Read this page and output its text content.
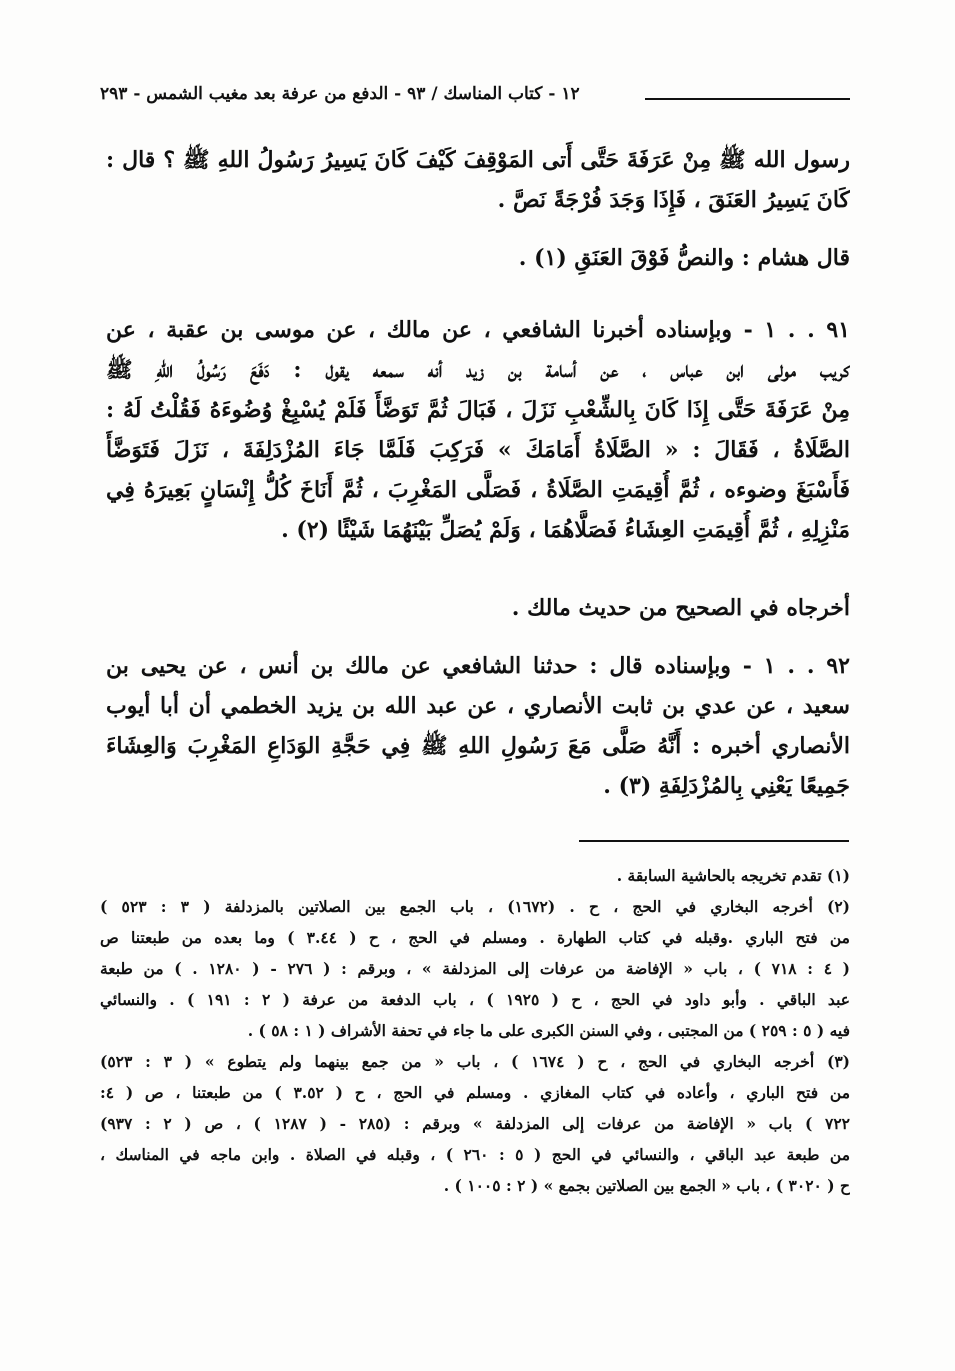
١٢ - كتاب المناسك / ٩٣ - الدفع من عرفة بعد مغيب الشمس - ٢٩٣
رسول الله ﷺ مِنْ عَرَفَةَ حَتَّى أَتى المَوْقِفَ كَيْفَ كَانَ يَسِيرُ رَسُولُ اللهِ ﷺ ؟ قال :
كَانَ يَسِيرُ العَنَقَ ، فَإِذَا وَجَدَ فُرْجَةً نَصَّ .
قال هشام : والنصُّ فَوْقَ العَنَقِ (١) .
٩١ . . ١ - وبإسناده أخبرنا الشافعي ، عن مالك ، عن موسى بن عقبة ، عن
كريب مولى ابن عباس ، عن أسامة بن زيد أنه سمعه يقول : دَفَعَ رَسُولُ اللهِ ﷺ
مِنْ عَرَفَةَ حَتَّى إِذَا كَانَ بِالشِّعْبِ نَزَلَ ، فَبَالَ ثُمَّ تَوَضَّأَ فَلَمْ يُسْبِغْ وُضُوءَهُ فَقُلْتُ لَهُ :
الصَّلَاةُ ، فَقَالَ : « الصَّلَاةُ أَمَامَكَ » فَرَكِبَ فَلَمَّا جَاءَ المُزْدَلِفَةَ ، نَزَلَ فَتَوَضَّأَ
فَأَسْبَغَ وضوءه ، ثُمَّ أُقِيمَتِ الصَّلَاةُ ، فَصَلَّى المَغْرِبَ ، ثُمَّ أَنَاخَ كُلُّ إِنْسَانٍ بَعِيرَهُ فِي
مَنْزِلِهِ ، ثُمَّ أُقِيمَتِ العِشَاءُ فَصَلَّاهُمَا ، وَلَمْ يُصَلِّ بَيْنَهُمَا شَيْئًا (٢) .
أخرجاه في الصحيح من حديث مالك .
٩٢ . . ١ - وبإسناده قال : حدثنا الشافعي عن مالك بن أنس ، عن يحيى بن
سعيد ، عن عدي بن ثابت الأنصاري ، عن عبد الله بن يزيد الخطمي أن أبا أيوب
الأنصاري أخبره : أَنَّهُ صَلَّى مَعَ رَسُولِ اللهِ ﷺ فِي حَجَّةِ الوَدَاعِ المَغْرِبَ وَالعِشَاءَ
جَمِيعًا يَعْنِي بِالمُزْدَلِفَةِ (٣) .
(١) تقدم تخريجه بالحاشية السابقة .
(٢) أخرجه البخاري في الحج ، ح . (١٦٧٢) ، باب الجمع بين الصلاتين بالمزدلفة ( ٣ : ٥٢٣ )
من فتح الباري .وقبله في كتاب الطهارة . ومسلم في الحج ، ح ( ٣.٤٤ ) وما بعده من طبعتنا ص
( ٤ : ٧١٨ ) ، باب « الإفاضة من عرفات إلى المزدلفة » ، وبرقم : ( ٢٧٦ - ( ١٢٨٠ . ) من طبعة
عبد الباقي . وأبو داود في الحج ، ح ( ١٩٢٥ ) ، باب الدفعة من عرفة ( ٢ : ١٩١ ) . والنسائي
فيه ( ٥ : ٢٥٩ ) من المجتبى ، وفي السنن الكبرى على ما جاء في تحفة الأشراف ( ١ : ٥٨ ) .
(٣) أخرجه البخاري في الحج ، ح ( ١٦٧٤ ) ، باب « من جمع بينهما ولم يتطوع » ( ٣ : ٥٢٣)
من فتح الباري ، وأعاده في كتاب المغازي . ومسلم في الحج ، ح ( ٣.٥٢ ) من طبعتنا ، ص ( ٤:
٧٢٢ ) باب « الإفاضة من عرفات إلى المزدلفة » وبرقم : (٢٨٥ - ( ١٢٨٧ ) ، ص ( ٢ : ٩٣٧)
من طبعة عبد الباقي ، والنسائي في الحج ( ٥ : ٢٦٠ ) ، وقبله في الصلاة . وابن ماجه في المناسك ،
ح ( ٣٠٢٠ ) ، باب « الجمع بين الصلاتين بجمع » ( ٢ : ١٠٠٥ ) .
